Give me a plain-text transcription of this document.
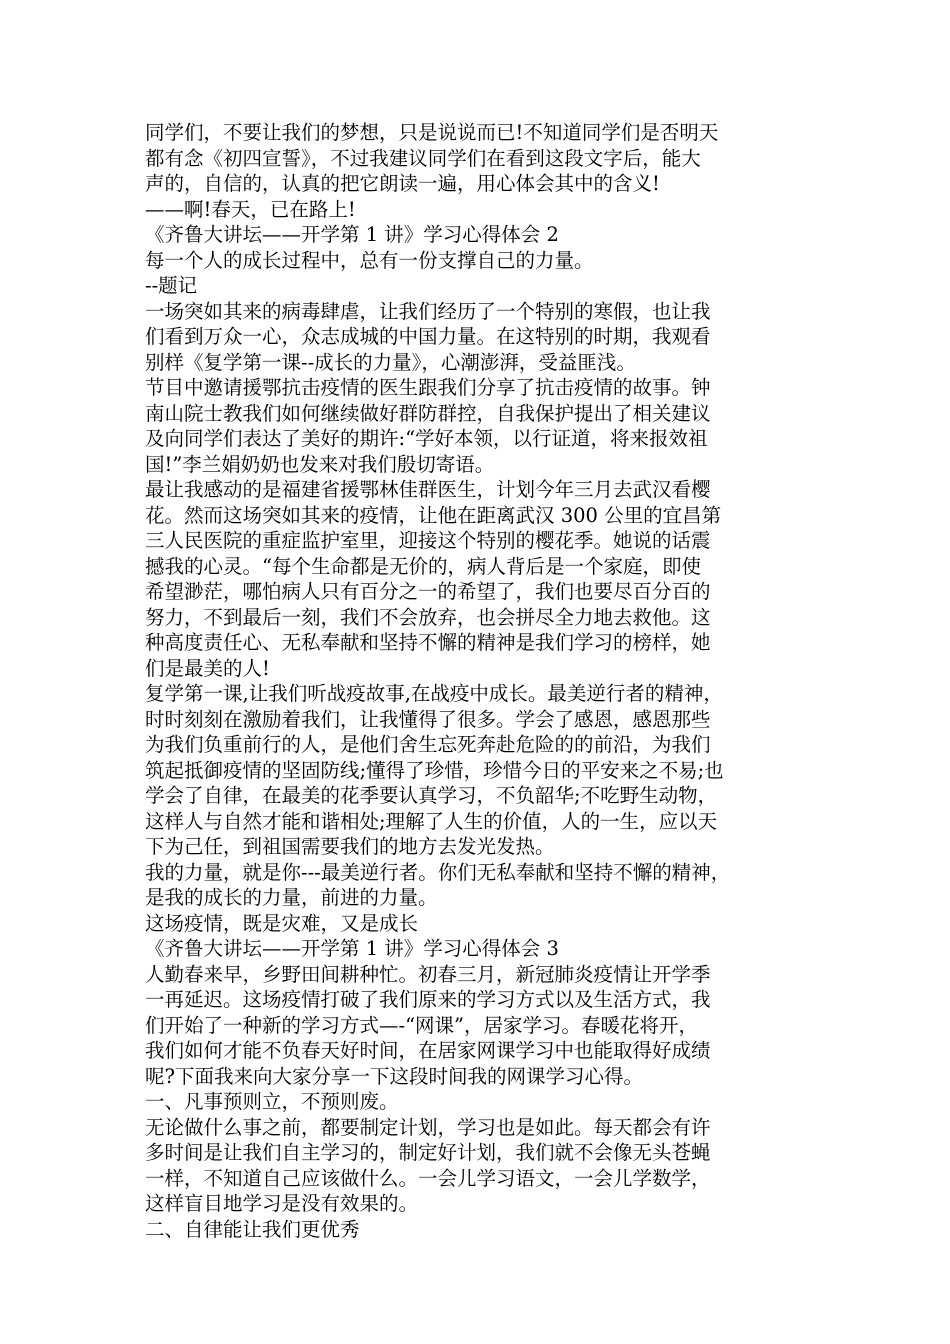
同学们，不要让我们的梦想，只是说说而已!不知道同学们是否明天
都有念《初四宣誓》，不过我建议同学们在看到这段文字后，能大
声的，自信的，认真的把它朗读一遍，用心体会其中的含义!
——啊!春天，已在路上!
《齐鲁大讲坛——开学第 1 讲》学习心得体会 2
每一个人的成长过程中，总有一份支撑自己的力量。
--题记
一场突如其来的病毒肆虐，让我们经历了一个特别的寒假，也让我
们看到万众一心，众志成城的中国力量。在这特别的时期，我观看
别样《复学第一课--成长的力量》，心潮澎湃，受益匪浅。
节目中邀请援鄂抗击疫情的医生跟我们分享了抗击疫情的故事。钟
南山院士教我们如何继续做好群防群控，自我保护提出了相关建议
及向同学们表达了美好的期许:“学好本领，以行证道，将来报效祖
国!”李兰娟奶奶也发来对我们殷切寄语。
最让我感动的是福建省援鄂林佳群医生，计划今年三月去武汉看樱
花。然而这场突如其来的疫情，让他在距离武汉 300 公里的宜昌第
三人民医院的重症监护室里，迎接这个特别的樱花季。她说的话震
撼我的心灵。“每个生命都是无价的，病人背后是一个家庭，即使
希望渺茫，哪怕病人只有百分之一的希望了，我们也要尽百分百的
努力，不到最后一刻，我们不会放弃，也会拼尽全力地去救他。这
种高度责任心、无私奉献和坚持不懈的精神是我们学习的榜样，她
们是最美的人!
复学第一课,让我们听战疫故事,在战疫中成长。最美逆行者的精神，
时时刻刻在激励着我们，让我懂得了很多。学会了感恩，感恩那些
为我们负重前行的人，是他们舍生忘死奔赴危险的的前沿，为我们
筑起抵御疫情的坚固防线;懂得了珍惜，珍惜今日的平安来之不易;也
学会了自律，在最美的花季要认真学习，不负韶华;不吃野生动物，
这样人与自然才能和谐相处;理解了人生的价值，人的一生，应以天
下为己任，到祖国需要我们的地方去发光发热。
我的力量，就是你---最美逆行者。你们无私奉献和坚持不懈的精神，
是我的成长的力量，前进的力量。
这场疫情，既是灾难，又是成长
《齐鲁大讲坛——开学第 1 讲》学习心得体会 3
人勤春来早，乡野田间耕种忙。初春三月，新冠肺炎疫情让开学季
一再延迟。这场疫情打破了我们原来的学习方式以及生活方式，我
们开始了一种新的学习方式—-“网课”，居家学习。春暖花将开，
我们如何才能不负春天好时间，在居家网课学习中也能取得好成绩
呢?下面我来向大家分享一下这段时间我的网课学习心得。
一、凡事预则立，不预则废。
无论做什么事之前，都要制定计划，学习也是如此。每天都会有许
多时间是让我们自主学习的，制定好计划，我们就不会像无头苍蝇
一样，不知道自己应该做什么。一会儿学习语文，一会儿学数学，
这样盲目地学习是没有效果的。
二、自律能让我们更优秀
